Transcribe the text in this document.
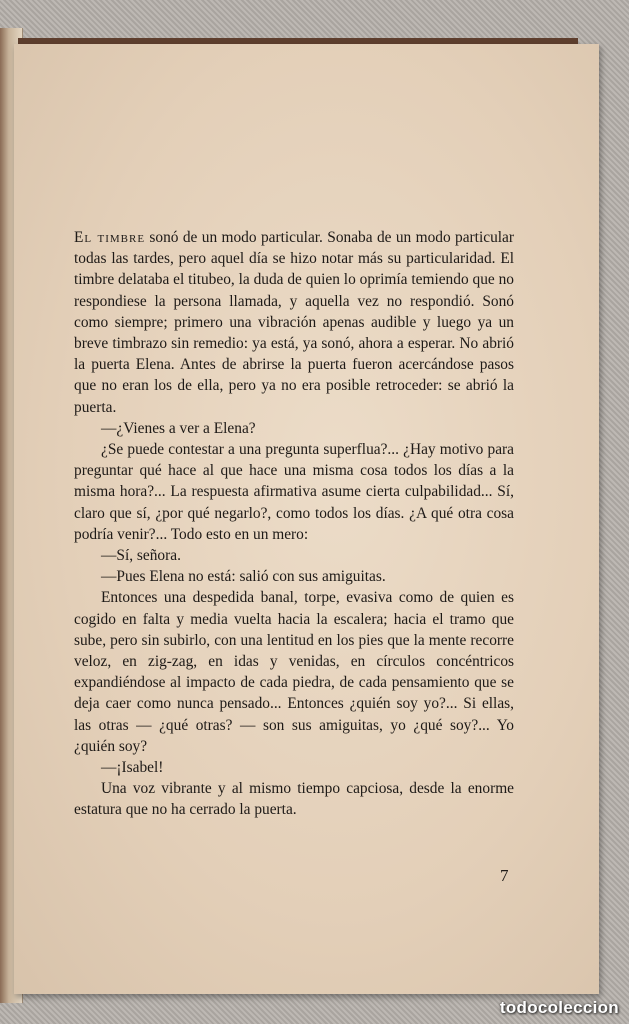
El timbre sonó de un modo particular. Sonaba de un modo particular todas las tardes, pero aquel día se hizo notar más su particularidad. El timbre delataba el titubeo, la duda de quien lo oprimía temiendo que no respondiese la persona llamada, y aquella vez no respondió. Sonó como siempre; primero una vibración apenas audible y luego ya un breve timbrazo sin remedio: ya está, ya sonó, ahora a esperar. No abrió la puerta Elena. Antes de abrirse la puerta fueron acercándose pasos que no eran los de ella, pero ya no era posible retroceder: se abrió la puerta.

—¿Vienes a ver a Elena?

¿Se puede contestar a una pregunta superflua?... ¿Hay motivo para preguntar qué hace al que hace una misma cosa todos los días a la misma hora?... La respuesta afirmativa asume cierta culpabilidad... Sí, claro que sí, ¿por qué negarlo?, como todos los días. ¿A qué otra cosa podría venir?... Todo esto en un mero:

—Sí, señora.

—Pues Elena no está: salió con sus amiguitas.

Entonces una despedida banal, torpe, evasiva como de quien es cogido en falta y media vuelta hacia la escalera; hacia el tramo que sube, pero sin subirlo, con una lentitud en los pies que la mente recorre veloz, en zig-zag, en idas y venidas, en círculos concéntricos expandiéndose al impacto de cada piedra, de cada pensamiento que se deja caer como nunca pensado... Entonces ¿quién soy yo?... Si ellas, las otras — ¿qué otras? — son sus amiguitas, yo ¿qué soy?... Yo ¿quién soy?

—¡Isabel!

Una voz vibrante y al mismo tiempo capciosa, desde la enorme estatura que no ha cerrado la puerta.

7
todocoleccion
